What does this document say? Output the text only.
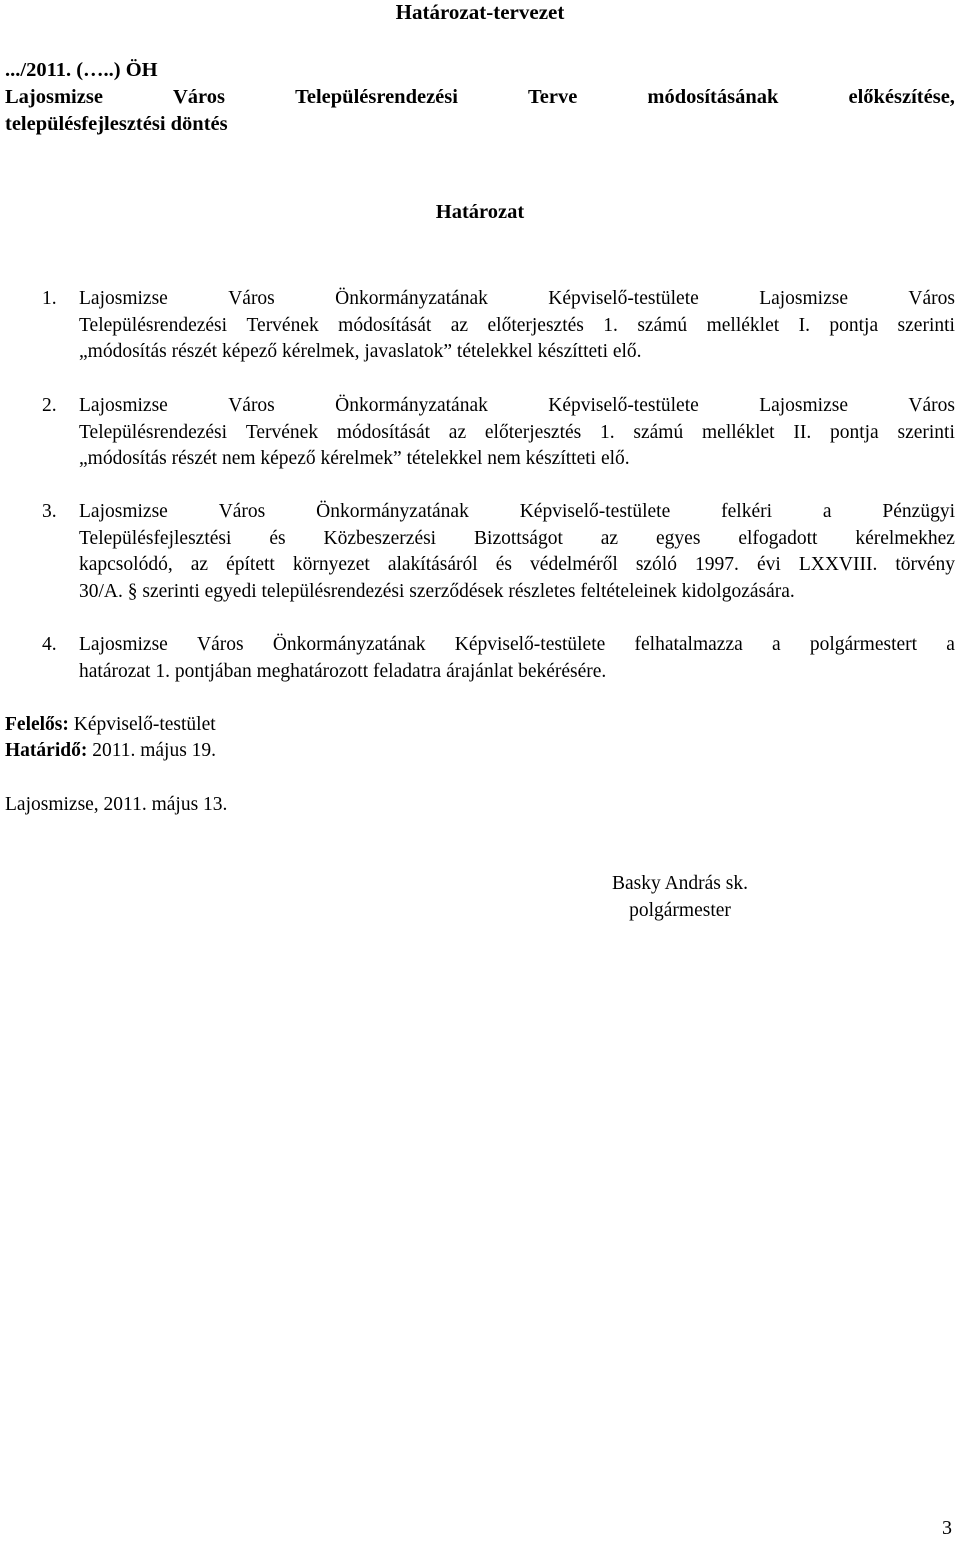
Határozat-tervezet
.../2011. (…..) ÖH
Lajosmizse	Város	Településrendezési	Terve	módosításának	előkészítése,
településfejlesztési döntés
Határozat
1.	Lajosmizse	Város	Önkormányzatának	Képviselő-testülete	Lajosmizse	Város
Településrendezési Tervének módosítását az előterjesztés 1. számú melléklet I. pontja szerinti
„módosítás részét képező kérelmek, javaslatok” tételekkel készítteti elő.
2.	Lajosmizse	Város	Önkormányzatának	Képviselő-testülete	Lajosmizse	Város
Településrendezési Tervének módosítását az előterjesztés 1. számú melléklet II. pontja szerinti
„módosítás részét nem képező kérelmek” tételekkel nem készítteti elő.
3.	Lajosmizse	Város	Önkormányzatának	Képviselő-testülete	felkéri	a	Pénzügyi
Településfejlesztési és Közbeszerzési Bizottságot az egyes elfogadott kérelmekhez
kapcsolódó, az épített környezet alakításáról és védelméről szóló 1997. évi LXXVIII. törvény
30/A. § szerinti egyedi településrendezési szerződések részletes feltételeinek kidolgozására.
4.	Lajosmizse Város Önkormányzatának Képviselő-testülete felhatalmazza a polgármestert a
határozat 1. pontjában meghatározott feladatra árajánlat bekérésére.
Felelős: Képviselő-testület
Határidő: 2011. május 19.
Lajosmizse, 2011. május 13.
Basky András sk.
polgármester
3
